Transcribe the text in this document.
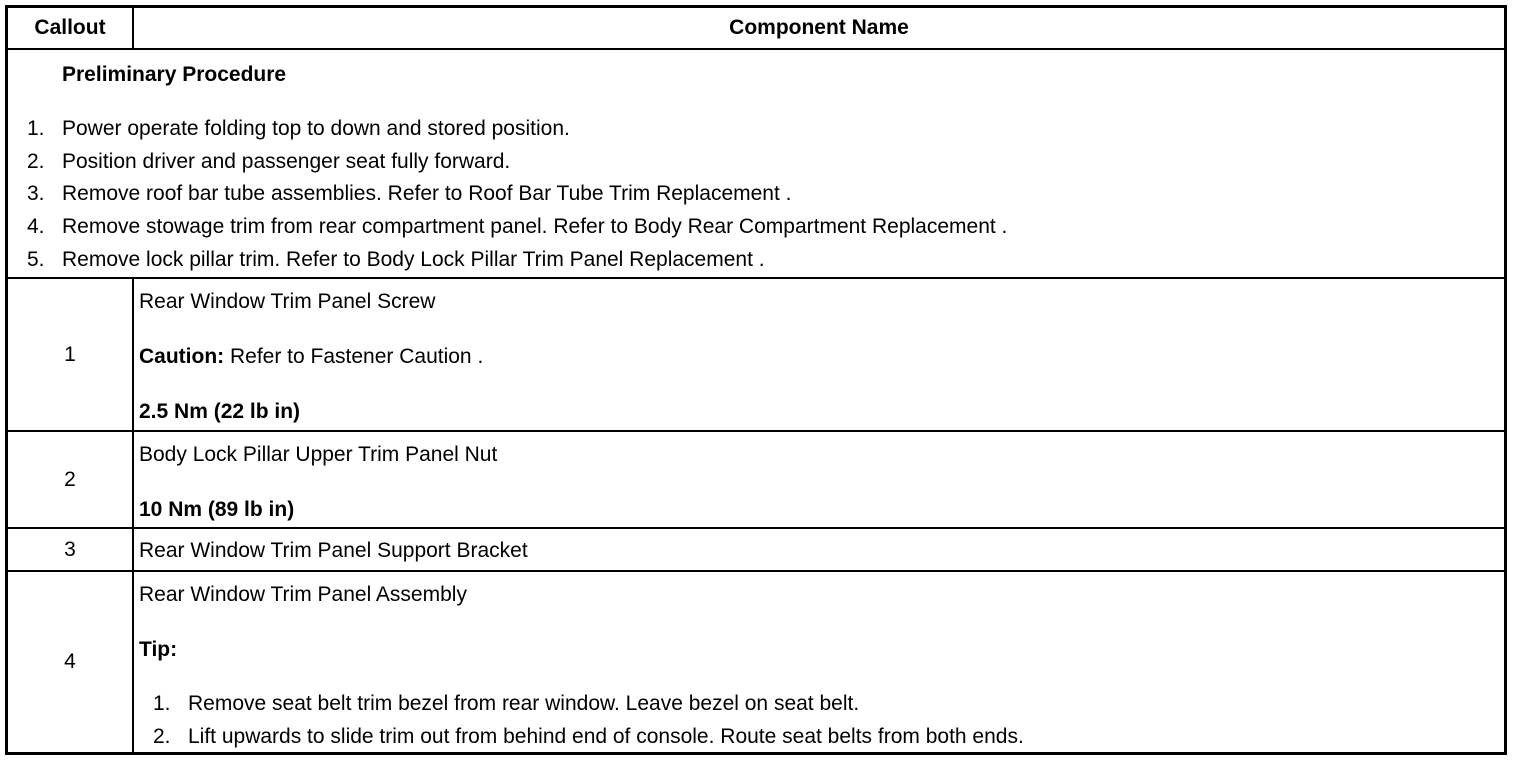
Callout	Component Name
Preliminary Procedure
1. Power operate folding top to down and stored position.
2. Position driver and passenger seat fully forward.
3. Remove roof bar tube assemblies. Refer to Roof Bar Tube Trim Replacement .
4. Remove stowage trim from rear compartment panel. Refer to Body Rear Compartment Replacement .
5. Remove lock pillar trim. Refer to Body Lock Pillar Trim Panel Replacement .
1
Rear Window Trim Panel Screw
Caution: Refer to Fastener Caution .
2.5 Nm (22 lb in)
2
Body Lock Pillar Upper Trim Panel Nut
10 Nm (89 lb in)
3	Rear Window Trim Panel Support Bracket
4
Rear Window Trim Panel Assembly
Tip:
1. Remove seat belt trim bezel from rear window. Leave bezel on seat belt.
2. Lift upwards to slide trim out from behind end of console. Route seat belts from both ends.
